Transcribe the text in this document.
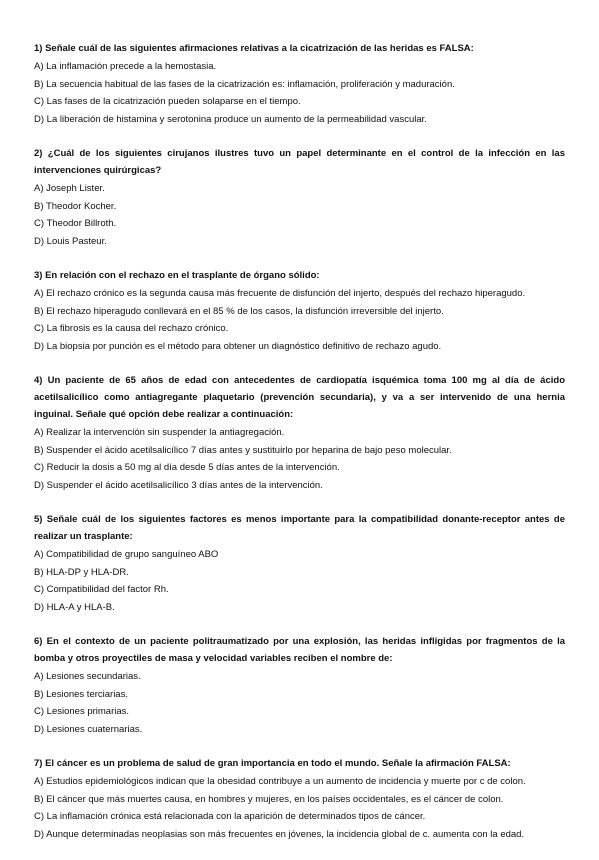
1) Señale cuál de las siguientes afirmaciones relativas a la cicatrización de las heridas es FALSA:

A) La inflamación precede a la hemostasia.

B) La secuencia habitual de las fases de la cicatrización es: inflamación, proliferación y maduración.

C) Las fases de la cicatrización pueden solaparse en el tiempo.

D) La liberación de histamina y serotonina produce un aumento de la permeabilidad vascular.

2) ¿Cuál de los siguientes cirujanos ilustres tuvo un papel determinante en el control de la infección en las intervenciones quirúrgicas?

A) Joseph Lister.

B) Theodor Kocher.

C) Theodor Billroth.

D) Louis Pasteur.

3) En relación con el rechazo en el trasplante de órgano sólido:

A) El rechazo crónico es la segunda causa más frecuente de disfunción del injerto, después del rechazo hiperagudo.

B) El rechazo hiperagudo conllevará en el 85 % de los casos, la disfunción irreversible del injerto.

C) La fibrosis es la causa del rechazo crónico.

D) La biopsia por punción es el método para obtener un diagnóstico definitivo de rechazo agudo.

4) Un paciente de 65 años de edad con antecedentes de cardiopatía isquémica toma 100 mg al día de ácido acetilsalicílico como antiagregante plaquetario (prevención secundaria), y va a ser intervenido de una hernia inguinal. Señale qué opción debe realizar a continuación:

A) Realizar la intervención sin suspender la antiagregación.

B) Suspender el ácido acetilsalicílico 7 días antes y sustituirlo por heparina de bajo peso molecular.

C) Reducir la dosis a 50 mg al día desde 5 días antes de la intervención.

D) Suspender el ácido acetilsalicílico 3 días antes de la intervención.

5) Señale cuál de los siguientes factores es menos importante para la compatibilidad donante-receptor antes de realizar un trasplante:

A) Compatibilidad de grupo sanguíneo ABO

B) HLA-DP y HLA-DR.

C) Compatibilidad del factor Rh.

D) HLA-A y HLA-B.

6) En el contexto de un paciente politraumatizado por una explosión, las heridas infligidas por fragmentos de la bomba y otros proyectiles de masa y velocidad variables reciben el nombre de:

A) Lesiones secundarias.

B) Lesiones terciarias.

C) Lesiones primarias.

D) Lesiones cuaternarias.

7) El cáncer es un problema de salud de gran importancia en todo el mundo. Señale la afirmación FALSA:

A) Estudios epidemiológicos indican que la obesidad contribuye a un aumento de incidencia y muerte por c de colon.

B) El cáncer que más muertes causa, en hombres y mujeres, en los países occidentales, es el cáncer de colon.

C) La inflamación crónica está relacionada con la aparición de determinados tipos de cáncer.

D) Aunque determinadas neoplasias son más frecuentes en jóvenes, la incidencia global de c. aumenta con la edad.
